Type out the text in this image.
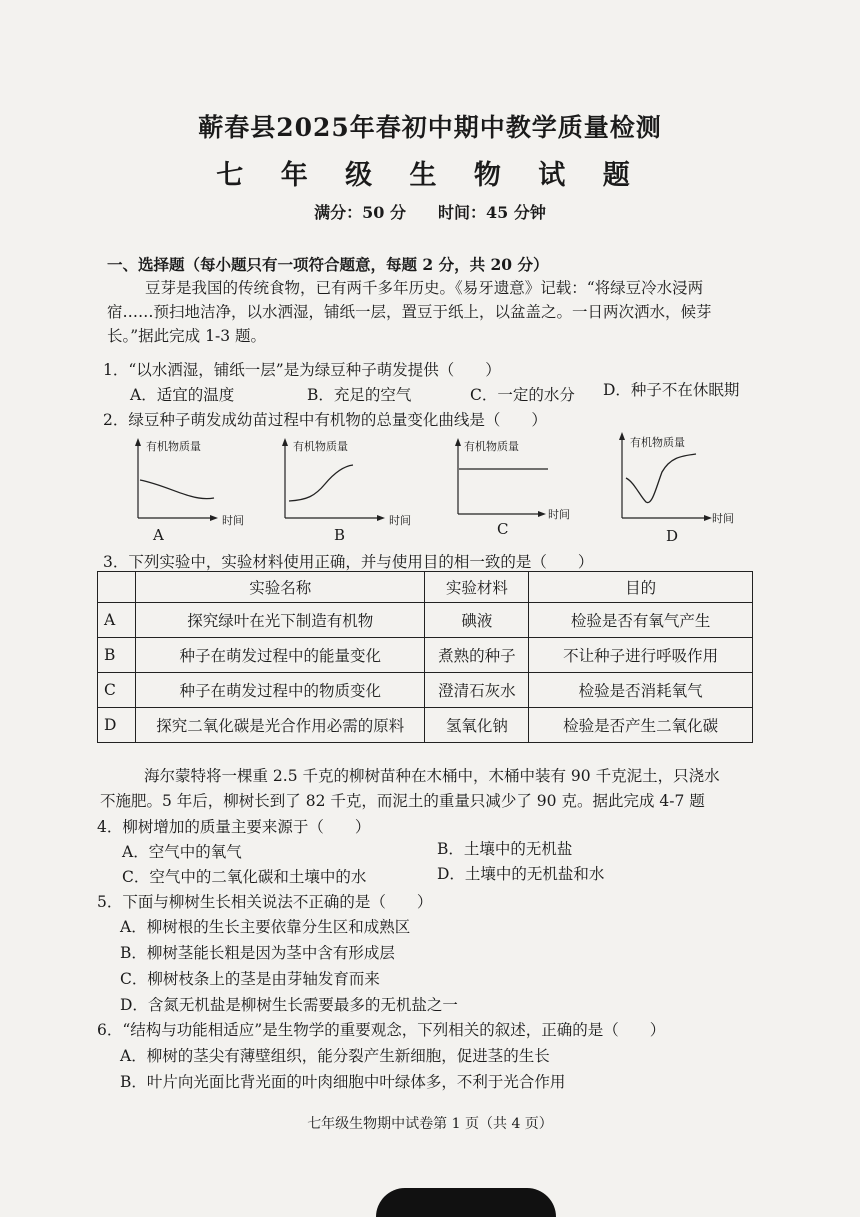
蕲春县2025年春初中期中教学质量检测
七 年 级 生 物 试 题
满分：50 分　　时间：45 分钟
一、选择题（每小题只有一项符合题意，每题 2 分，共 20 分）
豆芽是我国的传统食物，已有两千多年历史。《易牙遗意》记载：“将绿豆冷水浸两
宿……预扫地洁净，以水洒湿，铺纸一层，置豆于纸上，以盆盖之。一日两次洒水，候芽
长。”据此完成 1-3 题。
1．“以水洒湿，铺纸一层”是为绿豆种子萌发提供（　　）
A．适宜的温度	B．充足的空气	C．一定的水分 D．种子不在休眠期
2．绿豆种子萌发成幼苗过程中有机物的总量变化曲线是（　　）
有机物质量
时间
A
有机物质量
时间
B
有机物质量
时间
C
有机物质量
时间
D
3．下列实验中，实验材料使用正确，并与使用目的相一致的是（　　）
	实验名称	实验材料	目的
A	探究绿叶在光下制造有机物	碘液	检验是否有氧气产生
B	种子在萌发过程中的能量变化	煮熟的种子	不让种子进行呼吸作用
C	种子在萌发过程中的物质变化	澄清石灰水	检验是否消耗氧气
D	探究二氧化碳是光合作用必需的原料	氢氧化钠	检验是否产生二氧化碳
海尔蒙特将一棵重 2.5 千克的柳树苗种在木桶中，木桶中装有 90 千克泥土，只浇水
不施肥。5 年后，柳树长到了 82 千克，而泥土的重量只减少了 90 克。据此完成 4-7 题
4．柳树增加的质量主要来源于（　　）
A．空气中的氧气	B．土壤中的无机盐
C．空气中的二氧化碳和土壤中的水	D．土壤中的无机盐和水
5．下面与柳树生长相关说法不正确的是（　　）
A．柳树根的生长主要依靠分生区和成熟区
B．柳树茎能长粗是因为茎中含有形成层
C．柳树枝条上的茎是由芽轴发育而来
D．含氮无机盐是柳树生长需要最多的无机盐之一
6．“结构与功能相适应”是生物学的重要观念，下列相关的叙述，正确的是（　　）
A．柳树的茎尖有薄壁组织，能分裂产生新细胞，促进茎的生长
B．叶片向光面比背光面的叶肉细胞中叶绿体多，不利于光合作用
七年级生物期中试卷第 1 页（共 4 页）
